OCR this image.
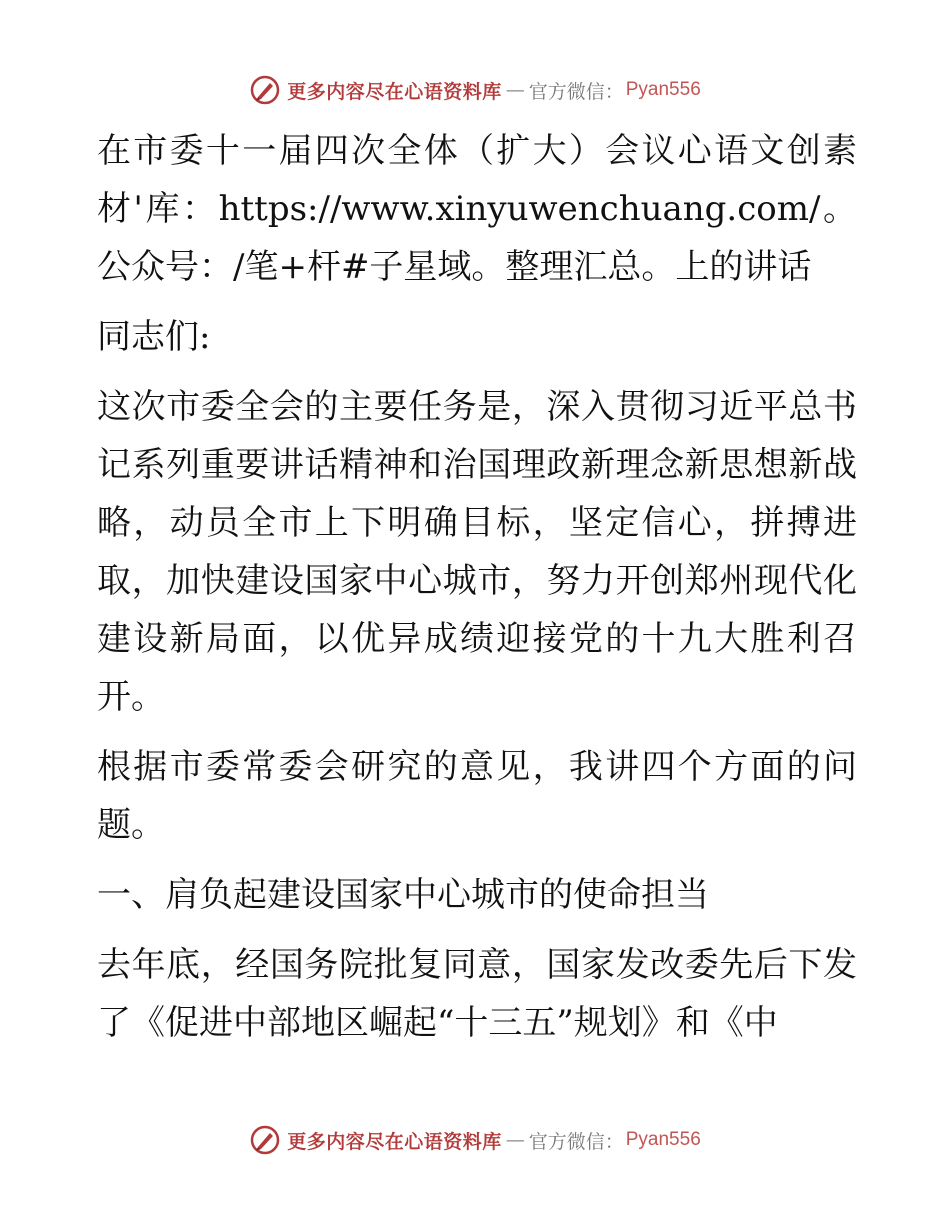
更多内容尽在心语资料库 — 官方微信： Pyan556

在市委十一届四次全体（扩大）会议心语文创素材'库：https://www.xinyuwenchuang.com/。公众号：/笔+杆#子星域。整理汇总。上的讲话

同志们:

这次市委全会的主要任务是，深入贯彻习近平总书记系列重要讲话精神和治国理政新理念新思想新战略，动员全市上下明确目标，坚定信心，拼搏进取，加快建设国家中心城市，努力开创郑州现代化建设新局面，以优异成绩迎接党的十九大胜利召开。

根据市委常委会研究的意见，我讲四个方面的问题。

一、肩负起建设国家中心城市的使命担当

去年底，经国务院批复同意，国家发改委先后下发了《促进中部地区崛起“十三五”规划》和《中

更多内容尽在心语资料库 — 官方微信： Pyan556
